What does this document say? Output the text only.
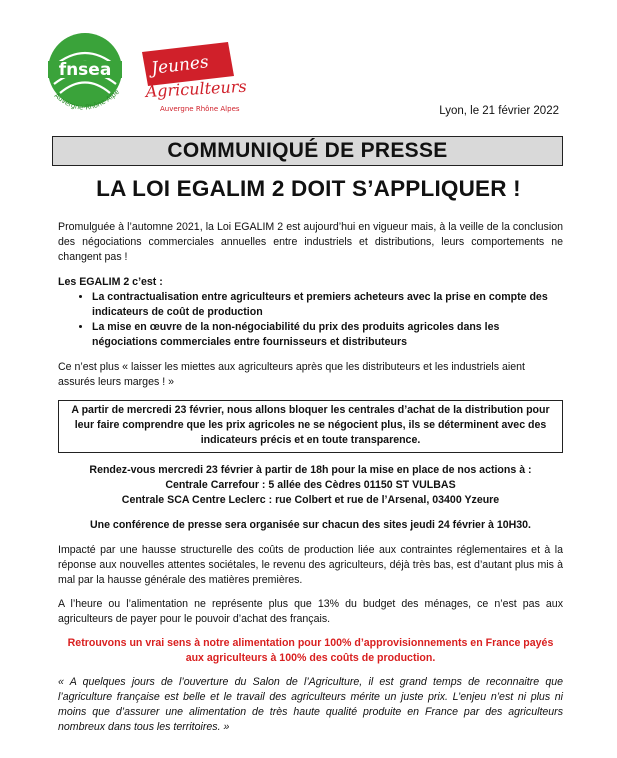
fnsea
Auvergne-Rhône-Alpe
Jeunes
Agriculteurs
Auvergne Rhône Alpes	Lyon, le 21 février 2022
COMMUNIQUÉ DE PRESSE
LA LOI EGALIM 2 DOIT S’APPLIQUER !

Promulguée à l’automne 2021, la Loi EGALIM 2 est aujourd’hui en vigueur mais, à la veille de la conclusion des négociations commerciales annuelles entre industriels et distributions, leurs comportements ne changent pas !

Les EGALIM 2 c’est :

• La contractualisation entre agriculteurs et premiers acheteurs avec la prise en compte des indicateurs de coût de production
• La mise en œuvre de la non-négociabilité du prix des produits agricoles dans les négociations commerciales entre fournisseurs et distributeurs

Ce n’est plus « laisser les miettes aux agriculteurs après que les distributeurs et les industriels aient assurés leurs marges ! »

A partir de mercredi 23 février, nous allons bloquer les centrales d’achat de la distribution pour leur faire comprendre que les prix agricoles ne se négocient plus, ils se déterminent avec des indicateurs précis et en toute transparence.

Rendez-vous mercredi 23 février à partir de 18h pour la mise en place de nos actions à :

Centrale Carrefour : 5 allée des Cèdres 01150 ST VULBAS

Centrale SCA Centre Leclerc : rue Colbert et rue de l’Arsenal, 03400 Yzeure

Une conférence de presse sera organisée sur chacun des sites jeudi 24 février à 10H30.

Impacté par une hausse structurelle des coûts de production liée aux contraintes réglementaires et à la réponse aux nouvelles attentes sociétales, le revenu des agriculteurs, déjà très bas, est d’autant plus mis à mal par la hausse générale des matières premières.

A l’heure ou l’alimentation ne représente plus que 13% du budget des ménages, ce n’est pas aux agriculteurs de payer pour le pouvoir d’achat des français.

Retrouvons un vrai sens à notre alimentation pour 100% d’approvisionnements en France payés aux agriculteurs à 100% des coûts de production.

« A quelques jours de l’ouverture du Salon de l’Agriculture, il est grand temps de reconnaitre que l’agriculture française est belle et le travail des agriculteurs mérite un juste prix. L’enjeu n’est ni plus ni moins que d’assurer une alimentation de très haute qualité produite en France par des agriculteurs nombreux dans tous les territoires. »
